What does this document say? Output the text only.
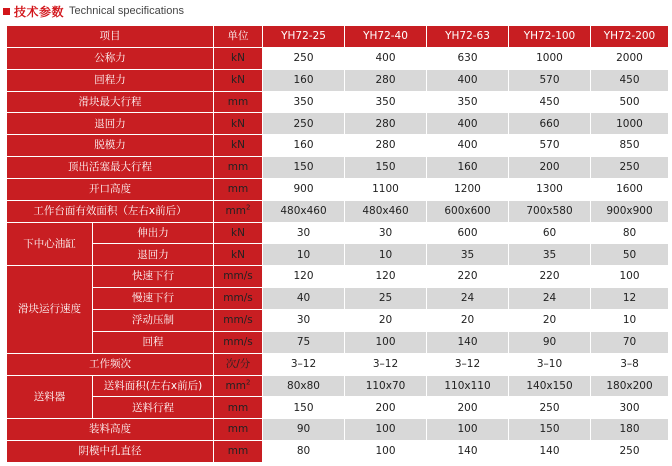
技术参数 Technical specifications
项目		单位	YH72-25	YH72-40	YH72-63	YH72-100	YH72-200
公称力		kN	250	400	630	1000	2000
回程力		kN	160	280	400	570	450
滑块最大行程		mm	350	350	350	450	500
退回力		kN	250	280	400	660	1000
脱模力		kN	160	280	400	570	850
顶出活塞最大行程		mm	150	150	160	200	250
开口高度		mm	900	1100	1200	1300	1600
工作台面有效面积（左右x前后）		$mm^2$	480x460	480x460	600x600	700x580	900x900
下中心油缸	伸出力	kN	30	30	600	60	80
	退回力	kN	10	10	35	35	50
滑块运行速度	快速下行	mm/s	120	120	220	220	100
	慢速下行	mm/s	40	25	24	24	12
	浮动压制	mm/s	30	20	20	20	10
	回程	mm/s	75	100	140	90	70
工作频次		次/分	3–12	3–12	3–12	3–10	3–8
送料器	送料面积(左右x前后)	$mm^2$	80x80	110x70	110x110	140x150	180x200
	送料行程	mm	150	200	200	250	300
装料高度		mm	90	100	100	150	180
阴模中孔直径		mm	80	100	140	140	250
